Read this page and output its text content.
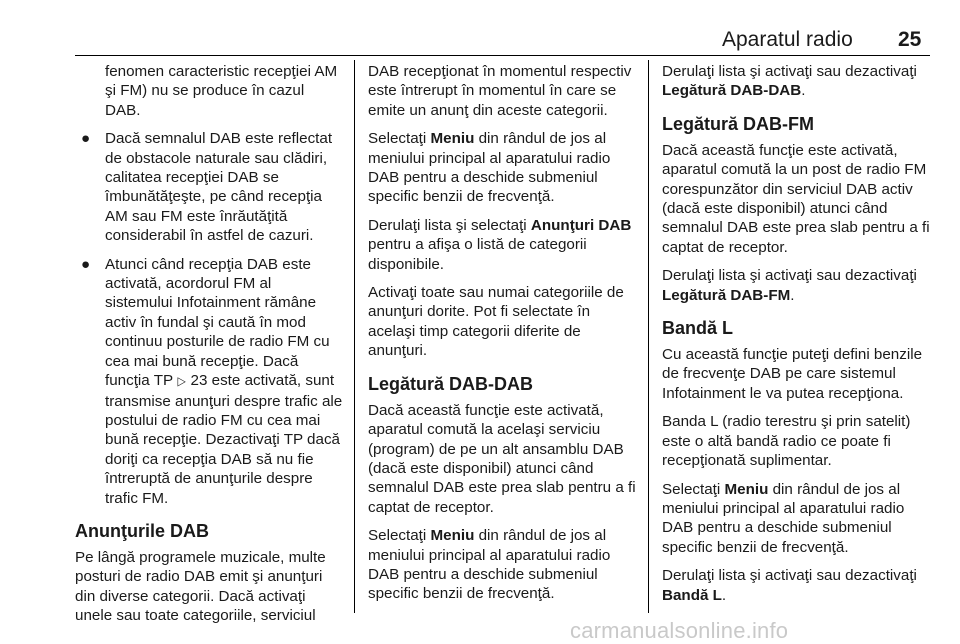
Aparatul radio 25

fenomen caracteristic recepţiei AM şi FM) nu se produce în cazul DAB.

● Dacă semnalul DAB este reflectat de obstacole naturale sau clădiri, calitatea recepţiei DAB se îmbunătăţeşte, pe când recepţia AM sau FM este înrăutăţită considerabil în astfel de cazuri.
● Atunci când recepţia DAB este activată, acordorul FM al sistemului Infotainment rămâne activ în fundal şi caută în mod continuu posturile de radio FM cu cea mai bună recepţie. Dacă funcţia TP ▷ 23 este activată, sunt transmise anunţuri despre trafic ale postului de radio FM cu cea mai bună recepţie. Dezactivaţi TP dacă doriţi ca recepţia DAB să nu fie întreruptă de anunţurile despre trafic FM.
Anunţurile DAB

Pe lângă programele muzicale, multe posturi de radio DAB emit şi anunţuri din diverse categorii. Dacă activaţi unele sau toate categoriile, serviciul

DAB recepţionat în momentul respectiv este întrerupt în momentul în care se emite un anunţ din aceste categorii.

Selectaţi Meniu din rândul de jos al meniului principal al aparatului radio DAB pentru a deschide submeniul specific benzii de frecvenţă.

Derulaţi lista şi selectaţi Anunţuri DAB pentru a afişa o listă de categorii disponibile.

Activaţi toate sau numai categoriile de anunţuri dorite. Pot fi selectate în acelaşi timp categorii diferite de anunţuri.

Legătură DAB-DAB

Dacă această funcţie este activată, aparatul comută la acelaşi serviciu (program) de pe un alt ansamblu DAB (dacă este disponibil) atunci când semnalul DAB este prea slab pentru a fi captat de receptor.

Selectaţi Meniu din rândul de jos al meniului principal al aparatului radio DAB pentru a deschide submeniul specific benzii de frecvenţă.

Derulaţi lista şi activaţi sau dezactivaţi Legătură DAB-DAB.

Legătură DAB-FM

Dacă această funcţie este activată, aparatul comută la un post de radio FM corespunzător din serviciul DAB activ (dacă este disponibil) atunci când semnalul DAB este prea slab pentru a fi captat de receptor.

Derulaţi lista şi activaţi sau dezactivaţi Legătură DAB-FM.

Bandă L

Cu această funcţie puteţi defini benzile de frecvenţe DAB pe care sistemul Infotainment le va putea recepţiona.

Banda L (radio terestru şi prin satelit) este o altă bandă radio ce poate fi recepţionată suplimentar.

Selectaţi Meniu din rândul de jos al meniului principal al aparatului radio DAB pentru a deschide submeniul specific benzii de frecvenţă.

Derulaţi lista şi activaţi sau dezactivaţi Bandă L.

carmanualsonline.info
